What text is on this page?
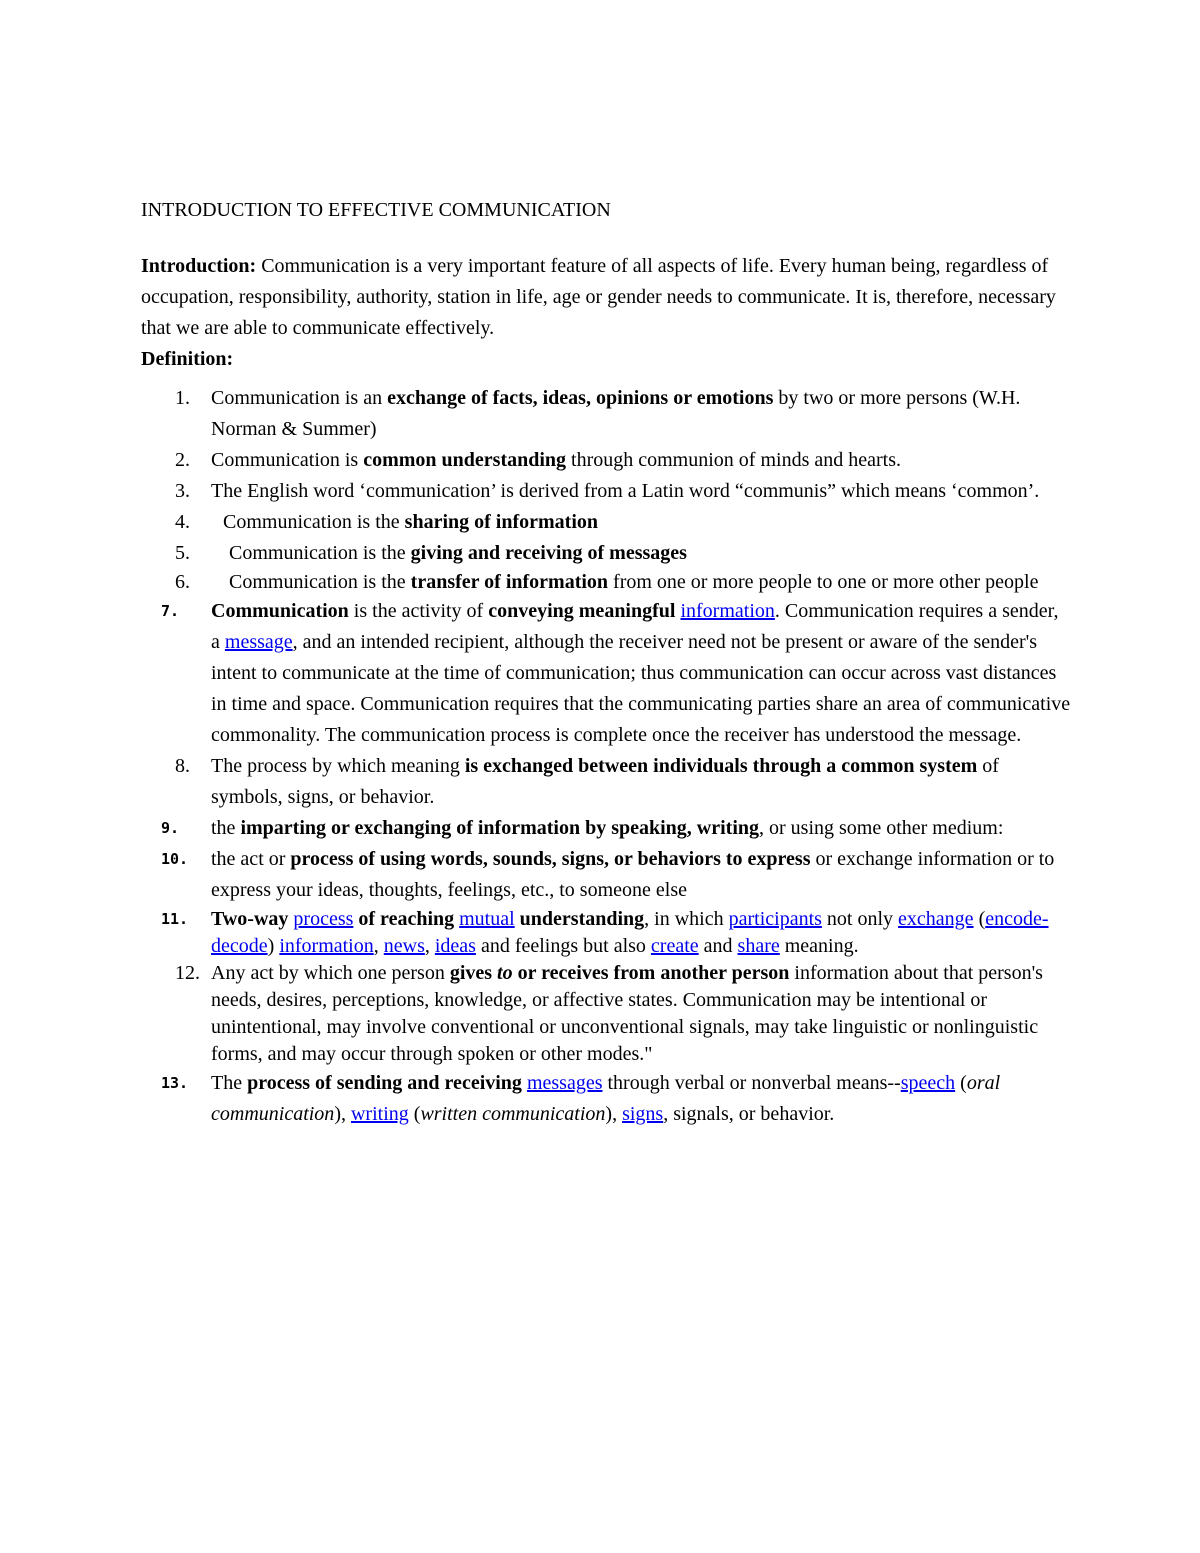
INTRODUCTION TO EFFECTIVE COMMUNICATION

Introduction: Communication is a very important feature of all aspects of life. Every human being, regardless of occupation, responsibility, authority, station in life, age or gender needs to communicate. It is, therefore, necessary that we are able to communicate effectively.

Definition:
1. Communication is an exchange of facts, ideas, opinions or emotions by two or more persons (W.H. Norman & Summer)
2. Communication is common understanding through communion of minds and hearts.
3. The English word ‘communication’ is derived from a Latin word “communis” which means ‘common’.
4. Communication is the sharing of information
5. Communication is the giving and receiving of messages
6. Communication is the transfer of information from one or more people to one or more other people
7. Communication is the activity of conveying meaningful information. Communication requires a sender, a message, and an intended recipient, although the receiver need not be present or aware of the sender's intent to communicate at the time of communication; thus communication can occur across vast distances in time and space. Communication requires that the communicating parties share an area of communicative commonality. The communication process is complete once the receiver has understood the message.
8. The process by which meaning is exchanged between individuals through a common system of symbols, signs, or behavior.
9. the imparting or exchanging of information by speaking, writing, or using some other medium:
10. the act or process of using words, sounds, signs, or behaviors to express or exchange information or to express your ideas, thoughts, feelings, etc., to someone else
11. Two-way process of reaching mutual understanding, in which participants not only exchange (encode-decode) information, news, ideas and feelings but also create and share meaning.
12. Any act by which one person gives to or receives from another person information about that person's needs, desires, perceptions, knowledge, or affective states. Communication may be intentional or unintentional, may involve conventional or unconventional signals, may take linguistic or nonlinguistic forms, and may occur through spoken or other modes."
13. The process of sending and receiving messages through verbal or nonverbal means--speech (oral communication), writing (written communication), signs, signals, or behavior.
